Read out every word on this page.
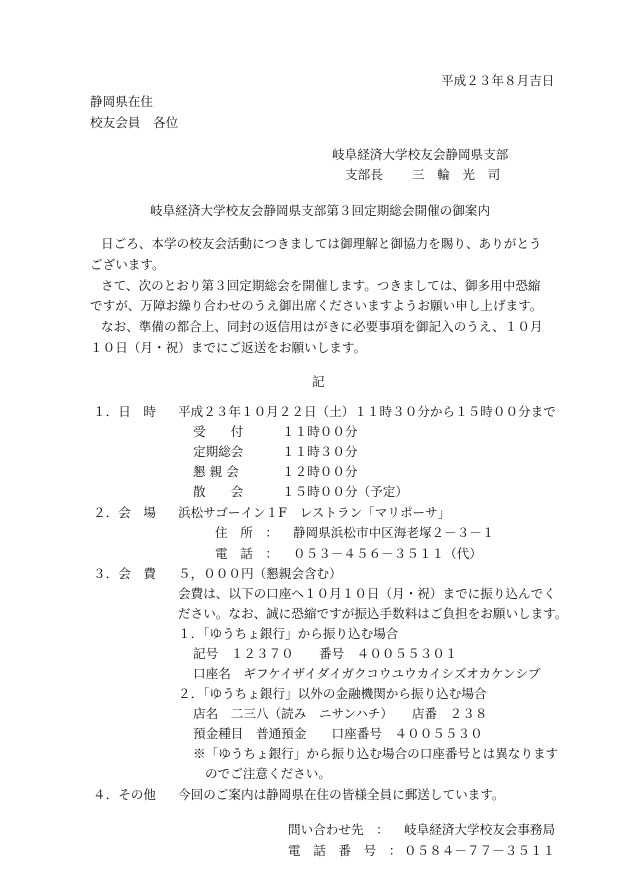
平成２３年８月吉日
静岡県在住
校友会員　各位
岐阜経済大学校友会静岡県支部
支部長 三　輪　光　司
岐阜経済大学校友会静岡県支部第３回定期総会開催の御案内
日ごろ、本学の校友会活動につきましては御理解と御協力を賜り、ありがとう
ございます。
さて、次のとおり第３回定期総会を開催します。つきましては、御多用中恐縮
ですが、万障お繰り合わせのうえ御出席くださいますようお願い申し上げます。
なお、準備の都合上、同封の返信用はがきに必要事項を御記入のうえ、１０月
１０日（月・祝）までにご返送をお願いします。
記
１．日　時 平成２３年１０月２２日（土）１１時３０分から１５時００分まで
受　　付	１１時００分
定期総会	１１時３０分
懇 親 会	１２時００分
散　　会	１５時００分（予定）
２．会　場 浜松サゴーイン１F　レストラン「マリポーサ」
住　所　： 静岡県浜松市中区海老塚２－３－１
電　話　： ０５３－４５６－３５１１（代）
３．会　費 ５，０００円（懇親会含む）
会費は、以下の口座へ１０月１０日（月・祝）までに振り込んでく
ださい。なお、誠に恐縮ですが振込手数料はご負担をお願いします。
１．「ゆうちょ銀行」から振り込む場合
記号　１２３７０　　番号　４００５５３０１
口座名　ギフケイザイダイガクコウユウカイシズオカケンシブ
２．「ゆうちょ銀行」以外の金融機関から振り込む場合
店名　二三八（読み　ニサンハチ）　　店番　２３８
預金種目　普通預金　　口座番号　４００５５３０
※「ゆうちょ銀行」から振り込む場合の口座番号とは異なります
のでご注意ください。
４．その他 今回のご案内は静岡県在住の皆様全員に郵送しています。
問い合わせ先　： 岐阜経済大学校友会事務局
電　話　番　号　： ０５８４－７７－３５１１
